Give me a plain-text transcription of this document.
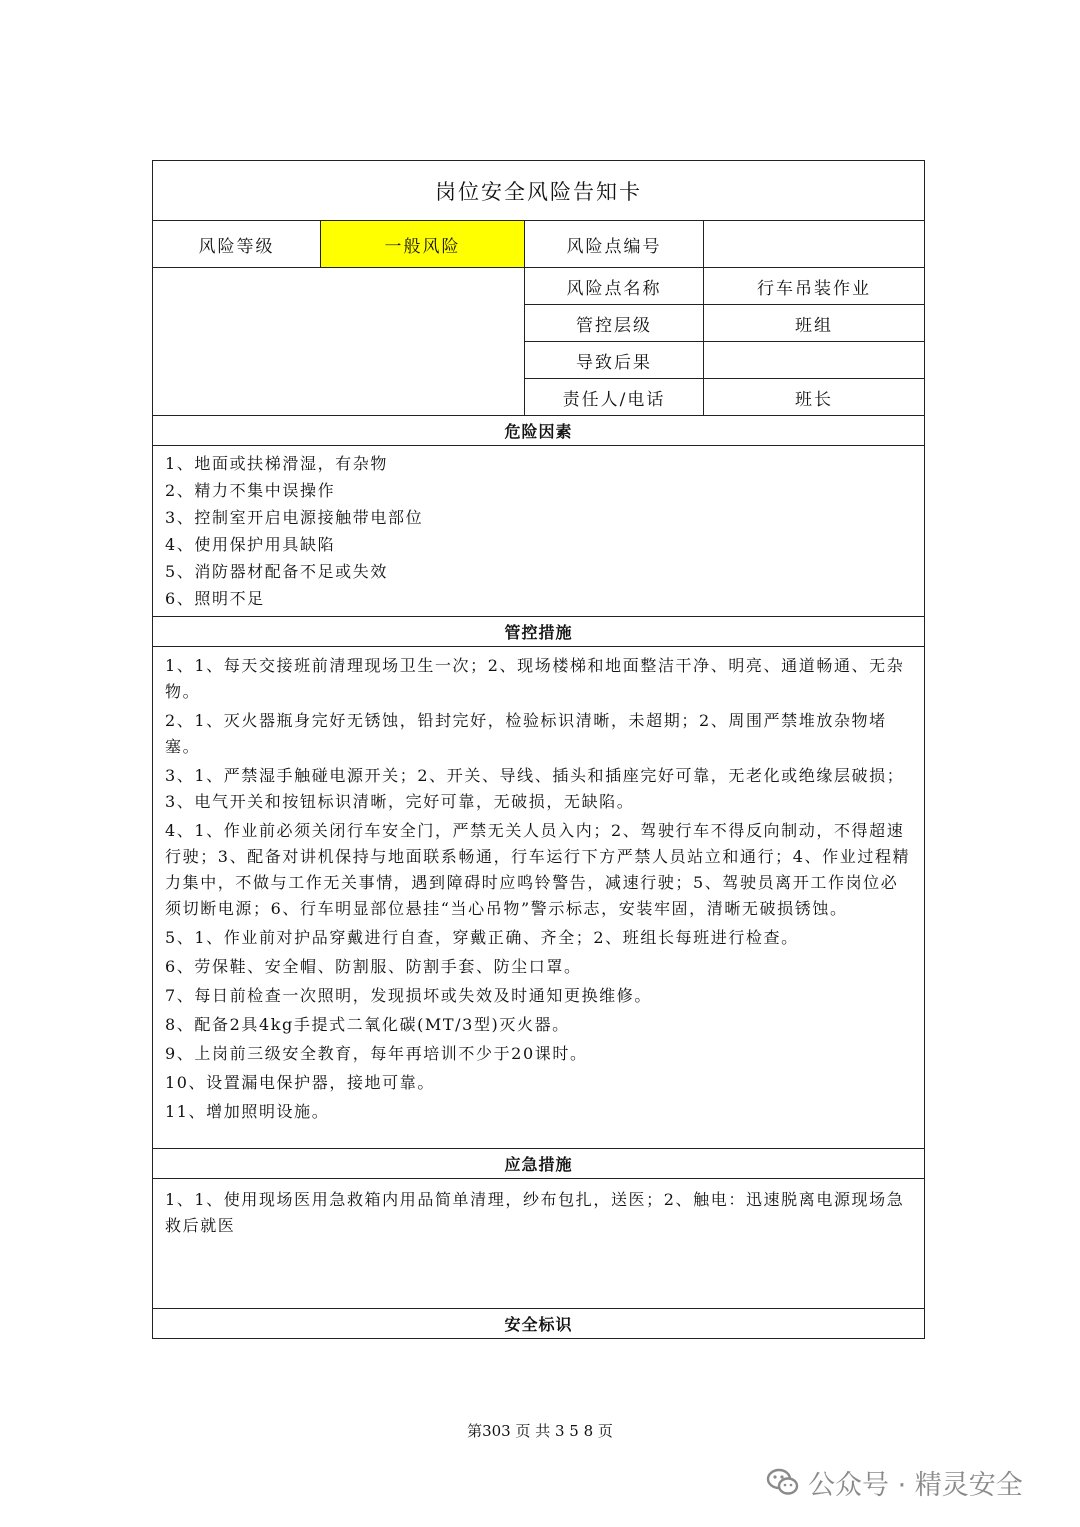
岗位安全风险告知卡
风险等级	一般风险	风险点编号
风险点名称	行车吊装作业
管控层级	班组
导致后果
责任人/电话	班长
危险因素

1、地面或扶梯滑湿，有杂物

2、精力不集中误操作

3、控制室开启电源接触带电部位

4、使用保护用具缺陷

5、消防器材配备不足或失效

6、照明不足

管控措施

1、1、每天交接班前清理现场卫生一次；2、现场楼梯和地面整洁干净、明亮、通道畅通、无杂物。

2、1、灭火器瓶身完好无锈蚀，铅封完好，检验标识清晰，未超期；2、周围严禁堆放杂物堵塞。

3、1、严禁湿手触碰电源开关；2、开关、导线、插头和插座完好可靠，无老化或绝缘层破损；3、电气开关和按钮标识清晰，完好可靠，无破损，无缺陷。

4、1、作业前必须关闭行车安全门，严禁无关人员入内；2、驾驶行车不得反向制动，不得超速行驶；3、配备对讲机保持与地面联系畅通，行车运行下方严禁人员站立和通行；4、作业过程精力集中，不做与工作无关事情，遇到障碍时应鸣铃警告，减速行驶；5、驾驶员离开工作岗位必须切断电源；6、行车明显部位悬挂“当心吊物”警示标志，安装牢固，清晰无破损锈蚀。

5、1、作业前对护品穿戴进行自查，穿戴正确、齐全；2、班组长每班进行检查。

6、劳保鞋、安全帽、防割服、防割手套、防尘口罩。

7、每日前检查一次照明，发现损坏或失效及时通知更换维修。

8、配备2具4kg手提式二氧化碳(MT/3型)灭火器。

9、上岗前三级安全教育，每年再培训不少于20课时。

10、设置漏电保护器，接地可靠。

11、增加照明设施。

应急措施

1、1、使用现场医用急救箱内用品简单清理，纱布包扎，送医；2、触电：迅速脱离电源现场急救后就医

安全标识
第303 页 共 3 5 8 页
公众号 · 精灵安全
